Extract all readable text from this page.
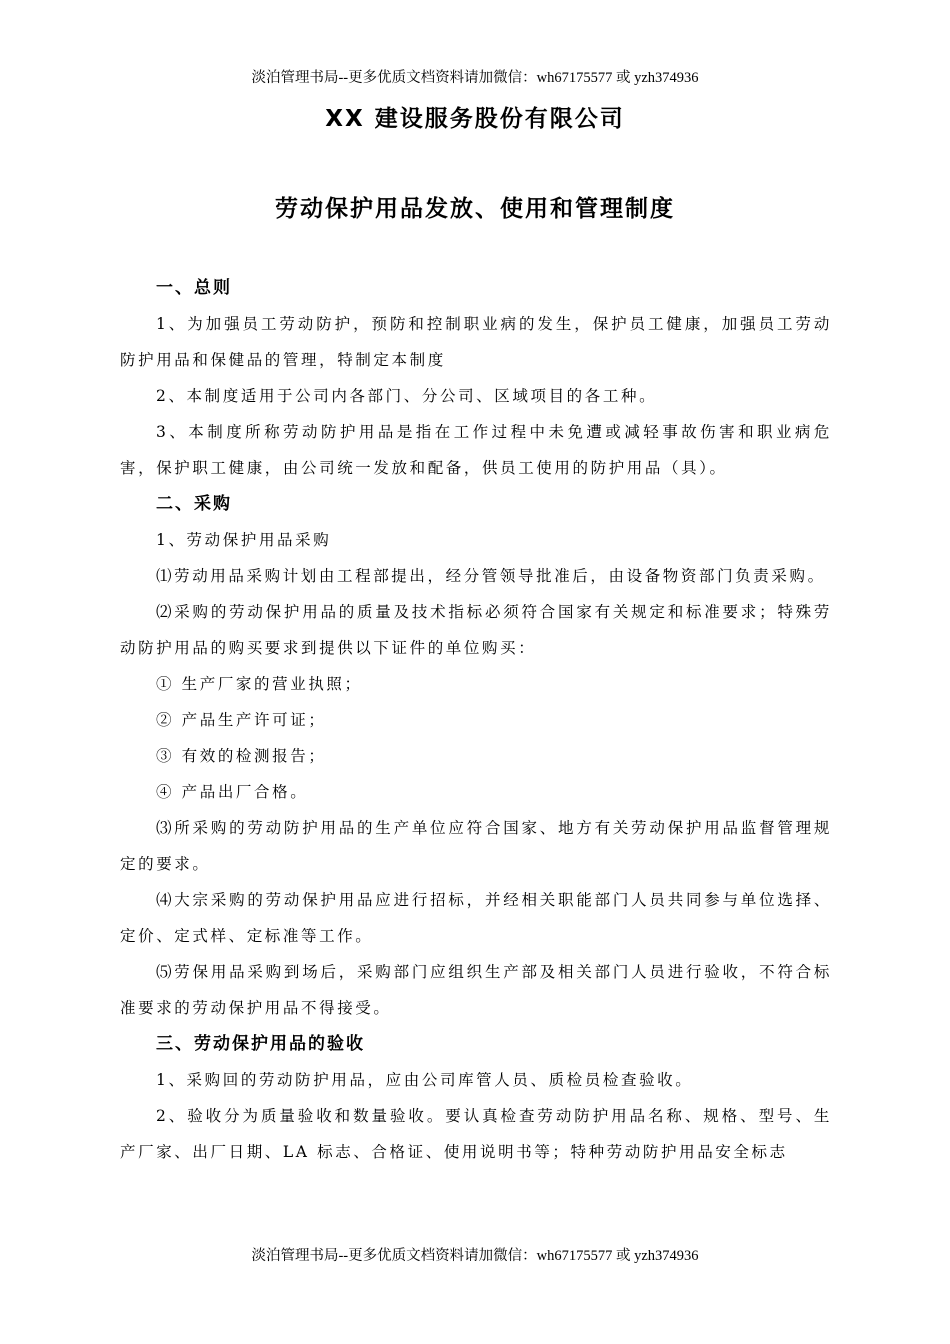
淡泊管理书局--更多优质文档资料请加微信：wh67175577 或 yzh374936
XX 建设服务股份有限公司
劳动保护用品发放、使用和管理制度
一、总则
1、为加强员工劳动防护，预防和控制职业病的发生，保护员工健康，加强员工劳动防护用品和保健品的管理，特制定本制度
2、本制度适用于公司内各部门、分公司、区域项目的各工种。
3、本制度所称劳动防护用品是指在工作过程中未免遭或减轻事故伤害和职业病危害，保护职工健康，由公司统一发放和配备，供员工使用的防护用品（具）。
二、采购
1、劳动保护用品采购
⑴劳动用品采购计划由工程部提出，经分管领导批准后，由设备物资部门负责采购。
⑵采购的劳动保护用品的质量及技术指标必须符合国家有关规定和标准要求；特殊劳动防护用品的购买要求到提供以下证件的单位购买：
① 生产厂家的营业执照；
② 产品生产许可证；
③ 有效的检测报告；
④ 产品出厂合格。
⑶所采购的劳动防护用品的生产单位应符合国家、地方有关劳动保护用品监督管理规定的要求。
⑷大宗采购的劳动保护用品应进行招标，并经相关职能部门人员共同参与单位选择、定价、定式样、定标准等工作。
⑸劳保用品采购到场后，采购部门应组织生产部及相关部门人员进行验收，不符合标准要求的劳动保护用品不得接受。
三、劳动保护用品的验收
1、采购回的劳动防护用品，应由公司库管人员、质检员检查验收。
2、验收分为质量验收和数量验收。要认真检查劳动防护用品名称、规格、型号、生产厂家、出厂日期、LA 标志、合格证、使用说明书等；特种劳动防护用品安全标志
淡泊管理书局--更多优质文档资料请加微信：wh67175577 或 yzh374936
